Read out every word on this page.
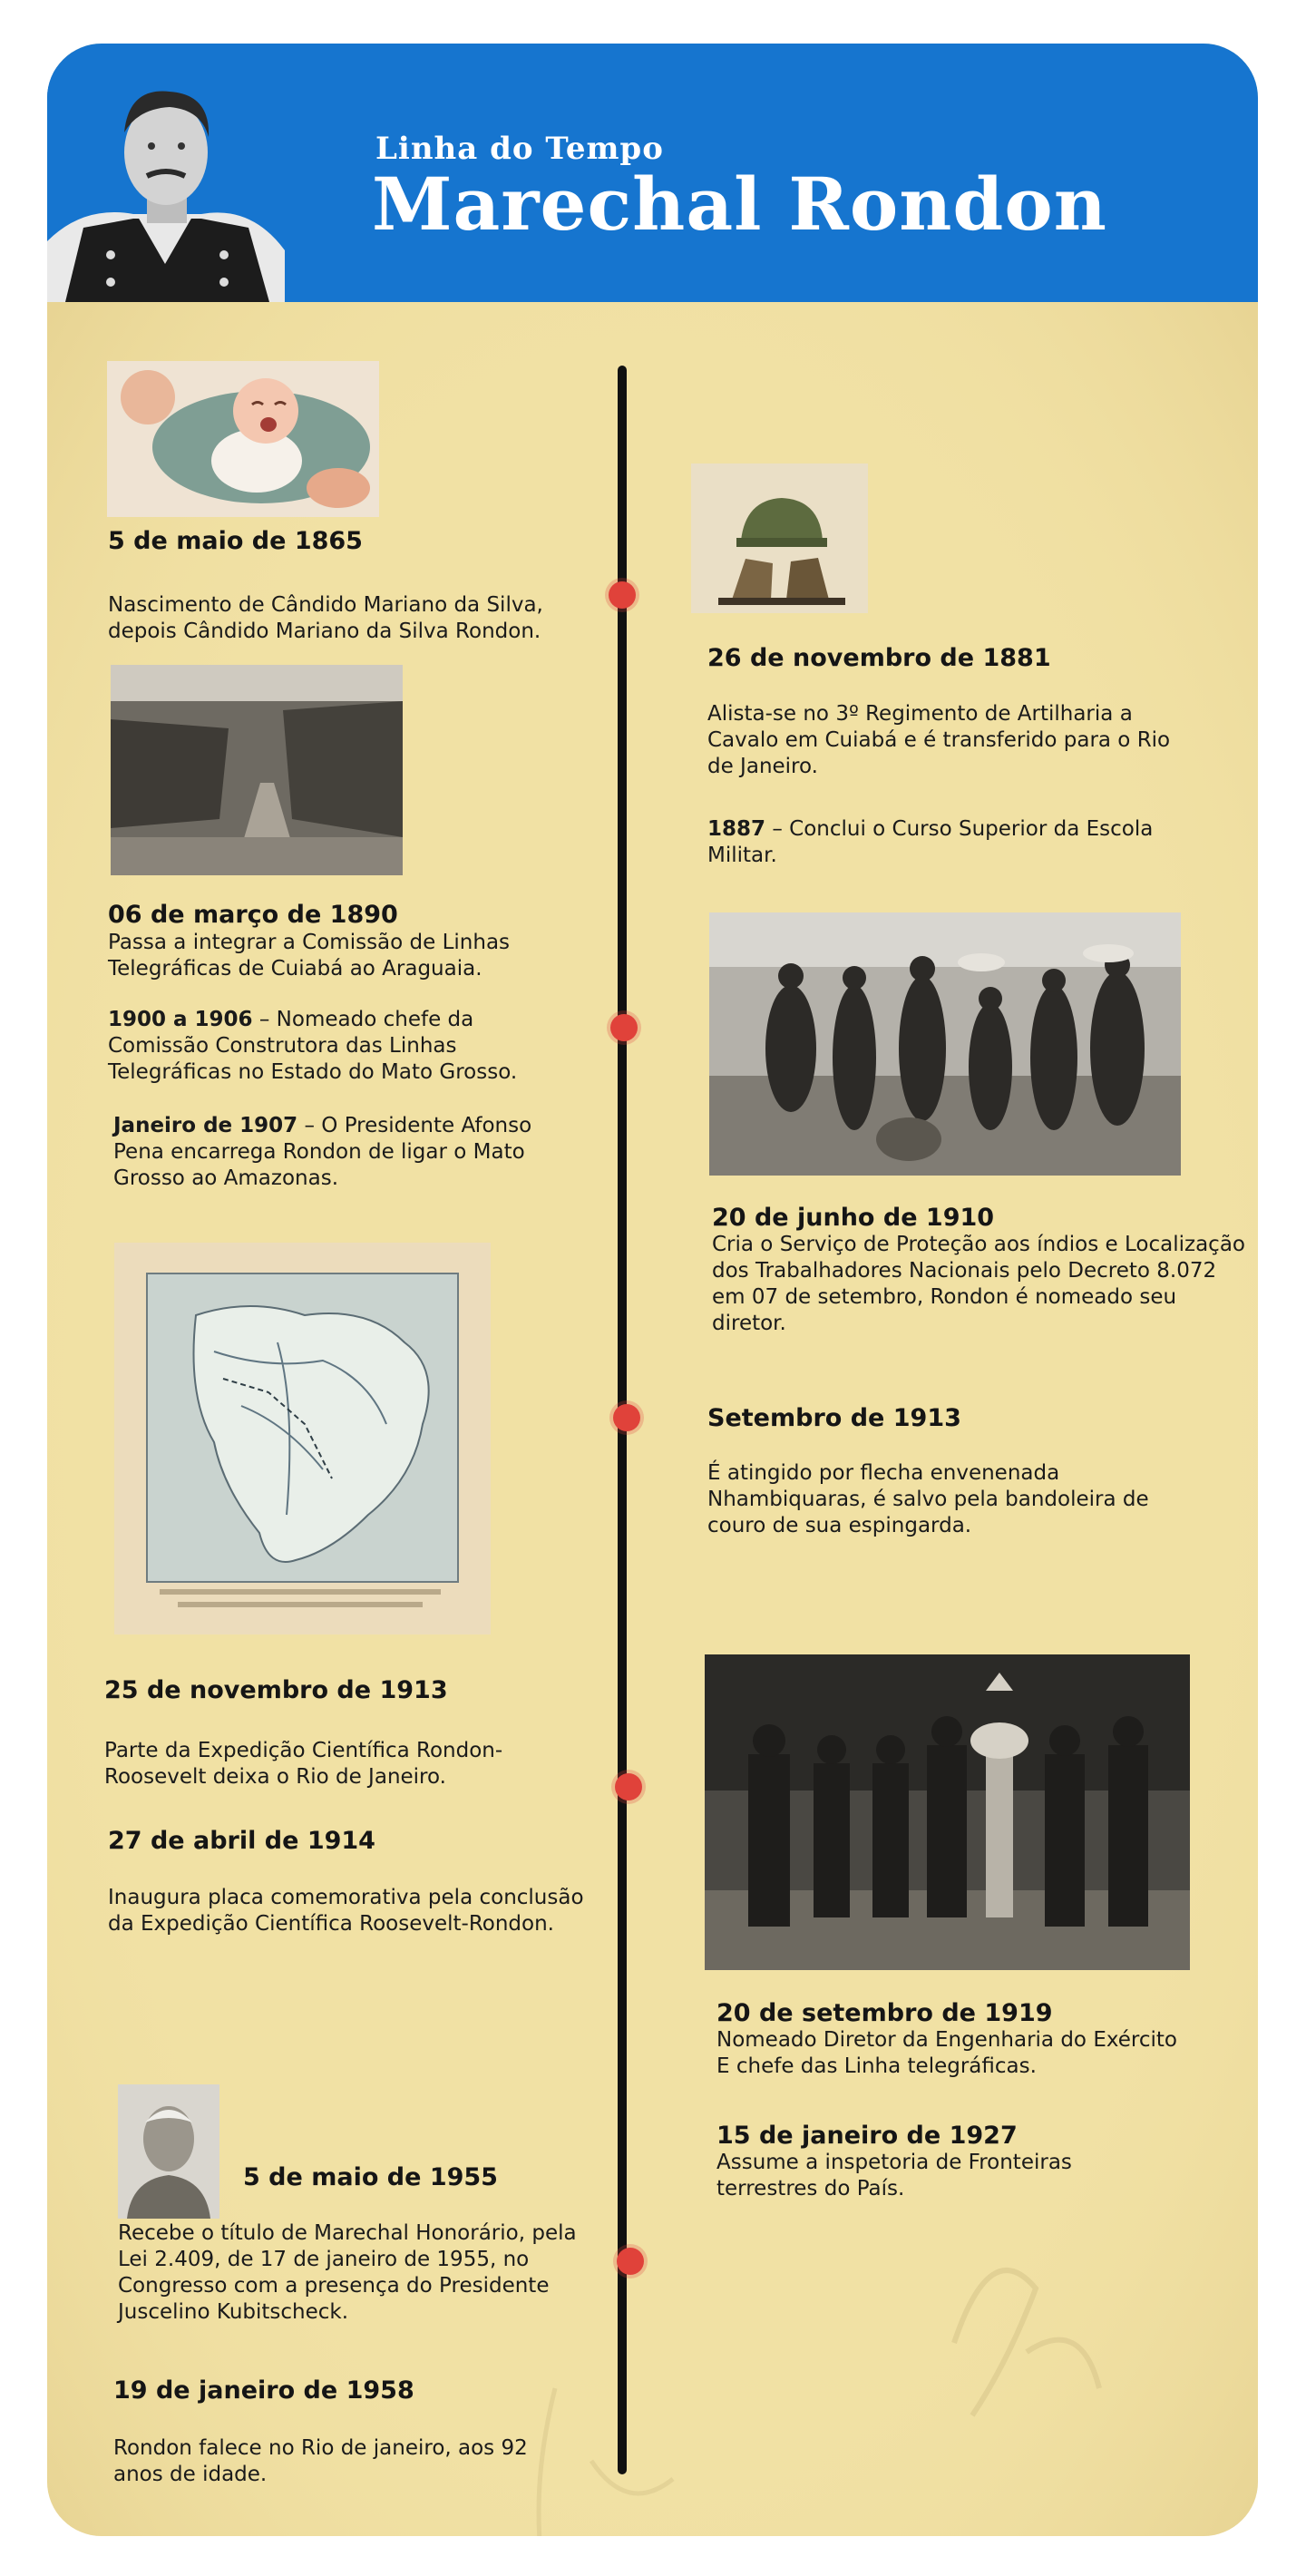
Linha do Tempo
Marechal Rondon
5 de maio de 1865
Nascimento de Cândido Mariano da Silva, depois Cândido Mariano da Silva Rondon.
26 de novembro de 1881
Alista-se no 3º Regimento de Artilharia a Cavalo em Cuiabá e é transferido para o Rio de Janeiro.
1887 – Conclui o Curso Superior da Escola Militar.
06 de março de 1890
Passa a integrar a Comissão de Linhas Telegráficas de Cuiabá ao Araguaia.
1900 a 1906 – Nomeado chefe da Comissão Construtora das Linhas Telegráficas no Estado do Mato Grosso.
Janeiro de 1907 – O Presidente Afonso Pena encarrega Rondon de ligar o Mato Grosso ao Amazonas.
20 de junho de 1910
Cria o Serviço de Proteção aos índios e Localização dos Trabalhadores Nacionais pelo Decreto 8.072 em 07 de setembro, Rondon é nomeado seu diretor.
Setembro de 1913
É atingido por flecha envenenada Nhambiquaras, é salvo pela bandoleira de couro de sua espingarda.
25 de novembro de 1913
Parte da Expedição Científica Rondon-Roosevelt deixa o Rio de Janeiro.
27 de abril de 1914
Inaugura placa comemorativa pela conclusão da Expedição Científica Roosevelt-Rondon.
20 de setembro de 1919
Nomeado Diretor da Engenharia do Exército E chefe das Linha telegráficas.
15 de janeiro de 1927
Assume a inspetoria de Fronteiras terrestres do País.
5 de maio de 1955
Recebe o título de Marechal Honorário, pela Lei 2.409, de 17 de janeiro de 1955, no Congresso com a presença do Presidente Juscelino Kubitscheck.
19 de janeiro de 1958
Rondon falece no Rio de janeiro, aos 92 anos de idade.
